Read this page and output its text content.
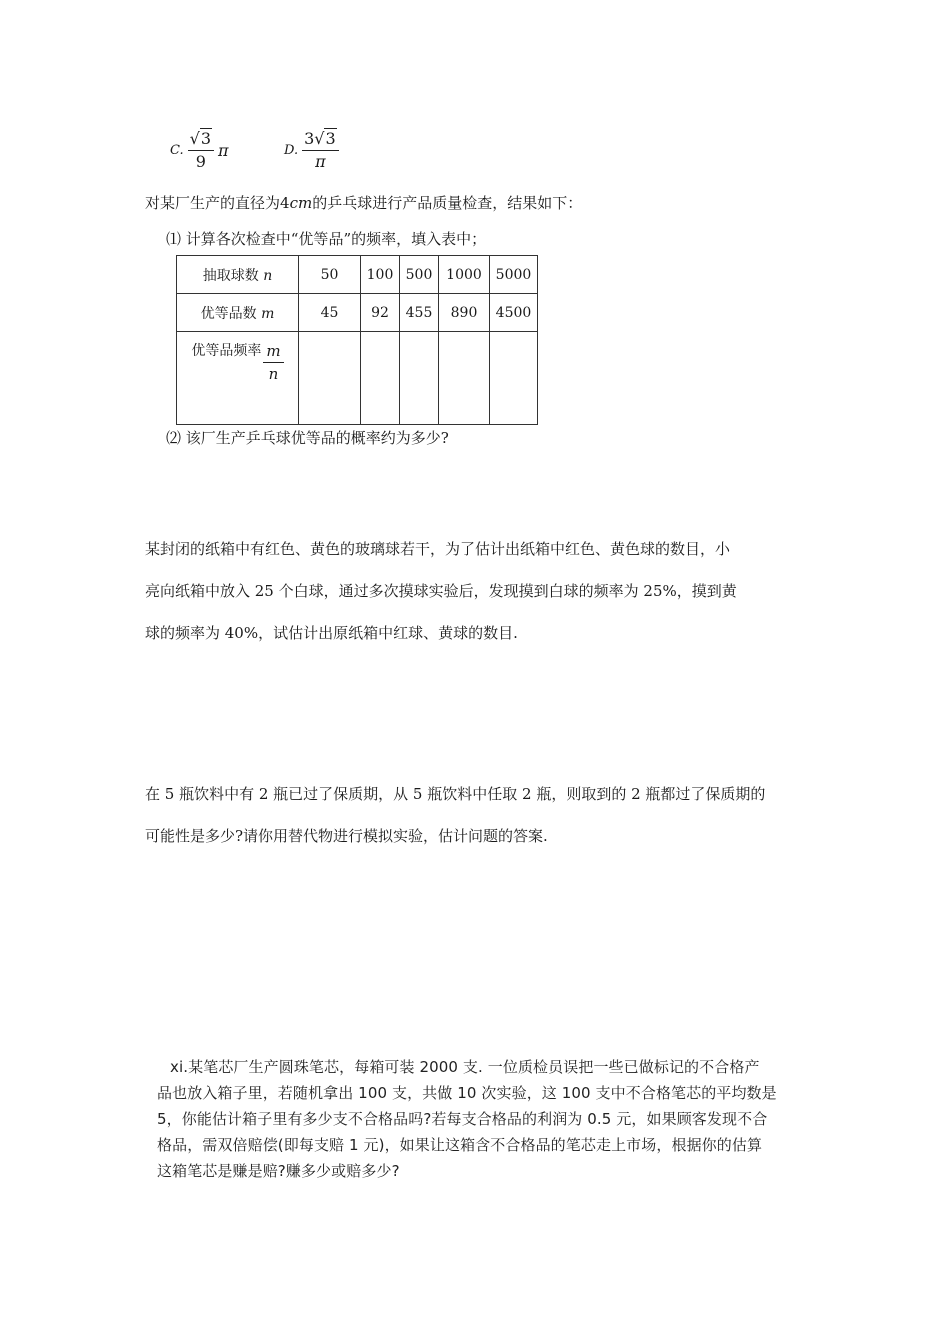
C. $\frac{√3}{9}$ π	D. $\frac{3√3}{\pi}$
对某厂生产的直径为4cm的乒乓球进行产品质量检查，结果如下：
⑴ 计算各次检查中“优等品”的频率，填入表中；
抽取球数 n	50	100	500	1000	5000
优等品数 m	45	92	455	890	4500

优等品频率 $\frac{m}{n}$

⑵ 该厂生产乒乓球优等品的概率约为多少?
某封闭的纸箱中有红色、黄色的玻璃球若干，为了估计出纸箱中红色、黄色球的数目，小
亮向纸箱中放入 25 个白球，通过多次摸球实验后，发现摸到白球的频率为 25%，摸到黄
球的频率为 40%，试估计出原纸箱中红球、黄球的数目.
在 5 瓶饮料中有 2 瓶已过了保质期，从 5 瓶饮料中任取 2 瓶，则取到的 2 瓶都过了保质期的
可能性是多少?请你用替代物进行模拟实验，估计问题的答案.
xi.某笔芯厂生产圆珠笔芯，每箱可装 2000 支. 一位质检员误把一些已做标记的不合格产
品也放入箱子里，若随机拿出 100 支，共做 10 次实验，这 100 支中不合格笔芯的平均数是
5，你能估计箱子里有多少支不合格品吗?若每支合格品的利润为 0.5 元，如果顾客发现不合
格品，需双倍赔偿(即每支赔 1 元)，如果让这箱含不合格品的笔芯走上市场，根据你的估算
这箱笔芯是赚是赔?赚多少或赔多少?
